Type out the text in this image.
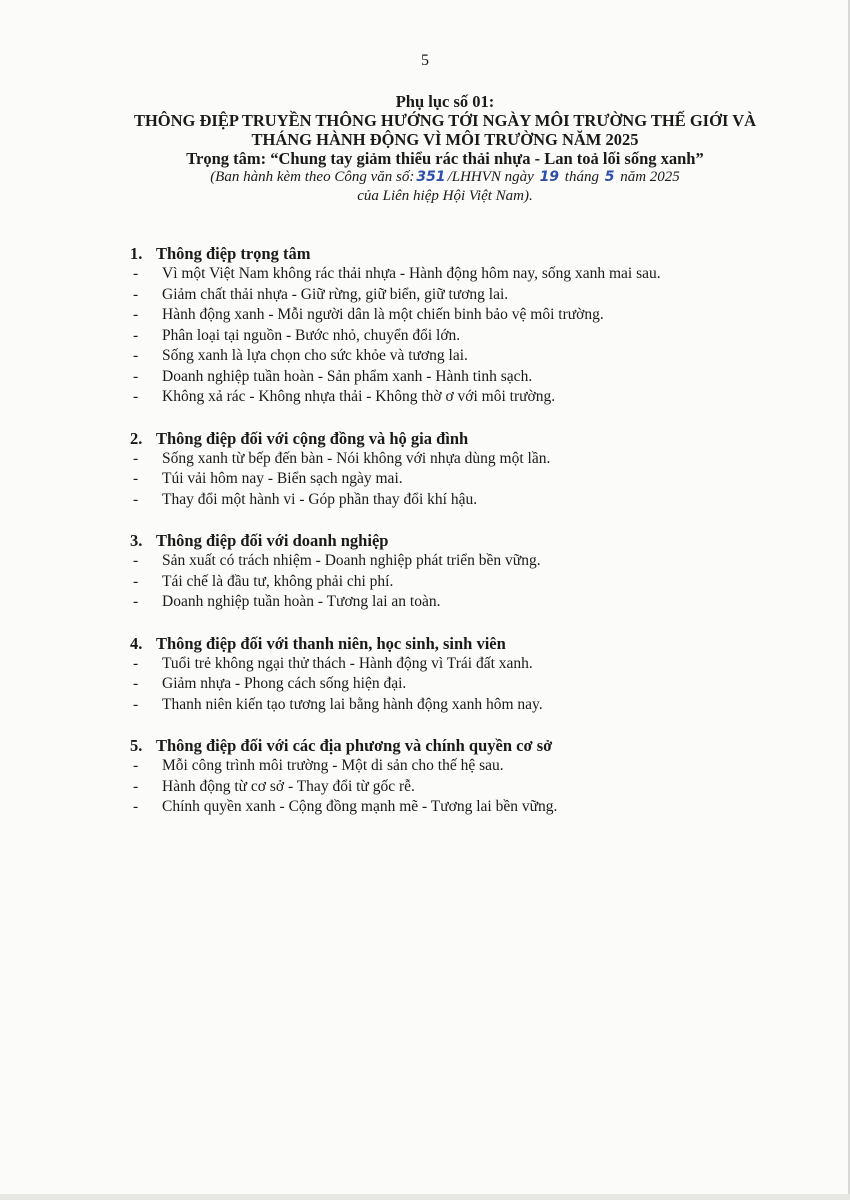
5
Phụ lục số 01:
THÔNG ĐIỆP TRUYỀN THÔNG HƯỚNG TỚI NGÀY MÔI TRƯỜNG THẾ GIỚI VÀ
THÁNG HÀNH ĐỘNG VÌ MÔI TRƯỜNG NĂM 2025
Trọng tâm: “Chung tay giảm thiểu rác thải nhựa - Lan toả lối sống xanh”
(Ban hành kèm theo Công văn số: 351 /LHHVN ngày 19 tháng 5 năm 2025
của Liên hiệp Hội Việt Nam).
1. Thông điệp trọng tâm
-	Vì một Việt Nam không rác thải nhựa - Hành động hôm nay, sống xanh mai sau.
-	Giảm chất thải nhựa - Giữ rừng, giữ biển, giữ tương lai.
-	Hành động xanh - Mỗi người dân là một chiến binh bảo vệ môi trường.
-	Phân loại tại nguồn - Bước nhỏ, chuyển đổi lớn.
-	Sống xanh là lựa chọn cho sức khỏe và tương lai.
-	Doanh nghiệp tuần hoàn - Sản phẩm xanh - Hành tinh sạch.
-	Không xả rác - Không nhựa thải - Không thờ ơ với môi trường.
2. Thông điệp đối với cộng đồng và hộ gia đình
-	Sống xanh từ bếp đến bàn - Nói không với nhựa dùng một lần.
-	Túi vải hôm nay - Biển sạch ngày mai.
-	Thay đổi một hành vi - Góp phần thay đổi khí hậu.
3. Thông điệp đối với doanh nghiệp
-	Sản xuất có trách nhiệm - Doanh nghiệp phát triển bền vững.
-	Tái chế là đầu tư, không phải chi phí.
-	Doanh nghiệp tuần hoàn - Tương lai an toàn.
4. Thông điệp đối với thanh niên, học sinh, sinh viên
-	Tuổi trẻ không ngại thử thách - Hành động vì Trái đất xanh.
-	Giảm nhựa - Phong cách sống hiện đại.
-	Thanh niên kiến tạo tương lai bằng hành động xanh hôm nay.
5. Thông điệp đối với các địa phương và chính quyền cơ sở
-	Mỗi công trình môi trường - Một di sản cho thế hệ sau.
-	Hành động từ cơ sở - Thay đổi từ gốc rễ.
-	Chính quyền xanh - Cộng đồng mạnh mẽ - Tương lai bền vững.
